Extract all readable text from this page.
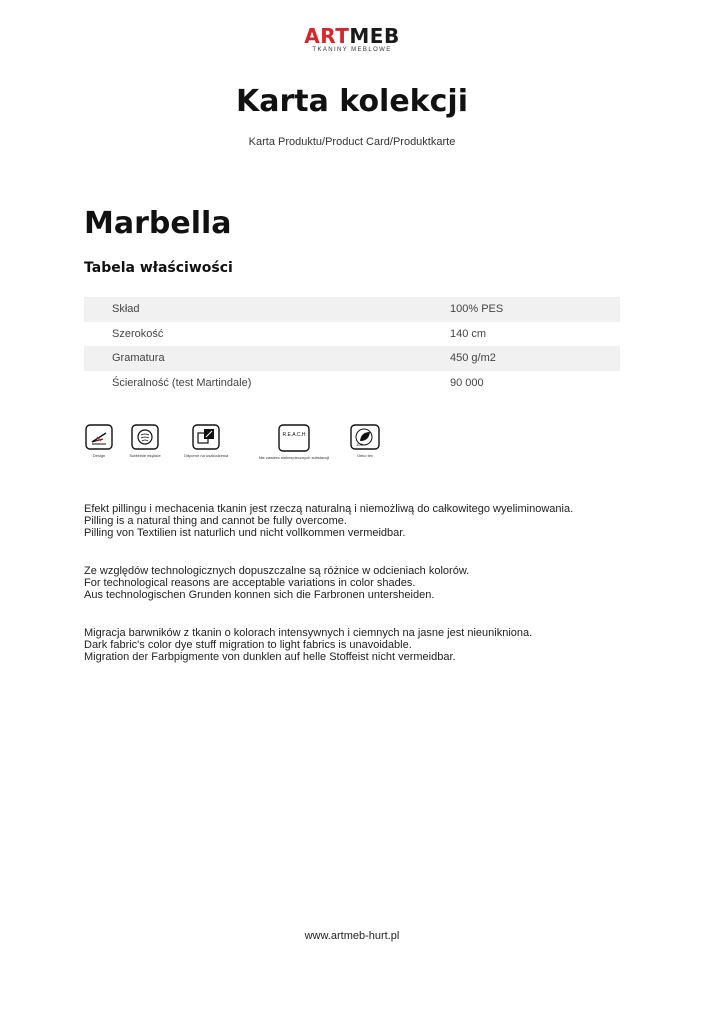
ARTMEB
TKANINY MEBLOWE
Karta kolekcji
Karta Produktu/Product Card/Produktkarte
Marbella
Tabela właściwości
Skład	100% PES
Szerokość	140 cm
Gramatura	450 g/m2
Ścieralność (test Martindale)	90 000
Design	Subtelnie miękkie	Odporne na uszkodzenia
R.E.A.C.H
Nie zawiera niebezpiecznych substancji
100
Oeko tex
Efekt pillingu i mechacenia tkanin jest rzeczą naturalną i niemożliwą do całkowitego wyeliminowania.
Pilling is a natural thing and cannot be fully overcome.
Pilling von Textilien ist naturlich und nicht vollkommen vermeidbar.
Ze względów technologicznych dopuszczalne są różnice w odcieniach kolorów.
For technological reasons are acceptable variations in color shades.
Aus technologischen Grunden konnen sich die Farbronen untersheiden.
Migracja barwników z tkanin o kolorach intensywnych i ciemnych na jasne jest nieuniknіona.
Dark fabric's color dye stuff migration to light fabrics is unavoidable.
Migration der Farbpigmente von dunklen auf helle Stoffeist nicht vermeidbar.
www.artmeb-hurt.pl
